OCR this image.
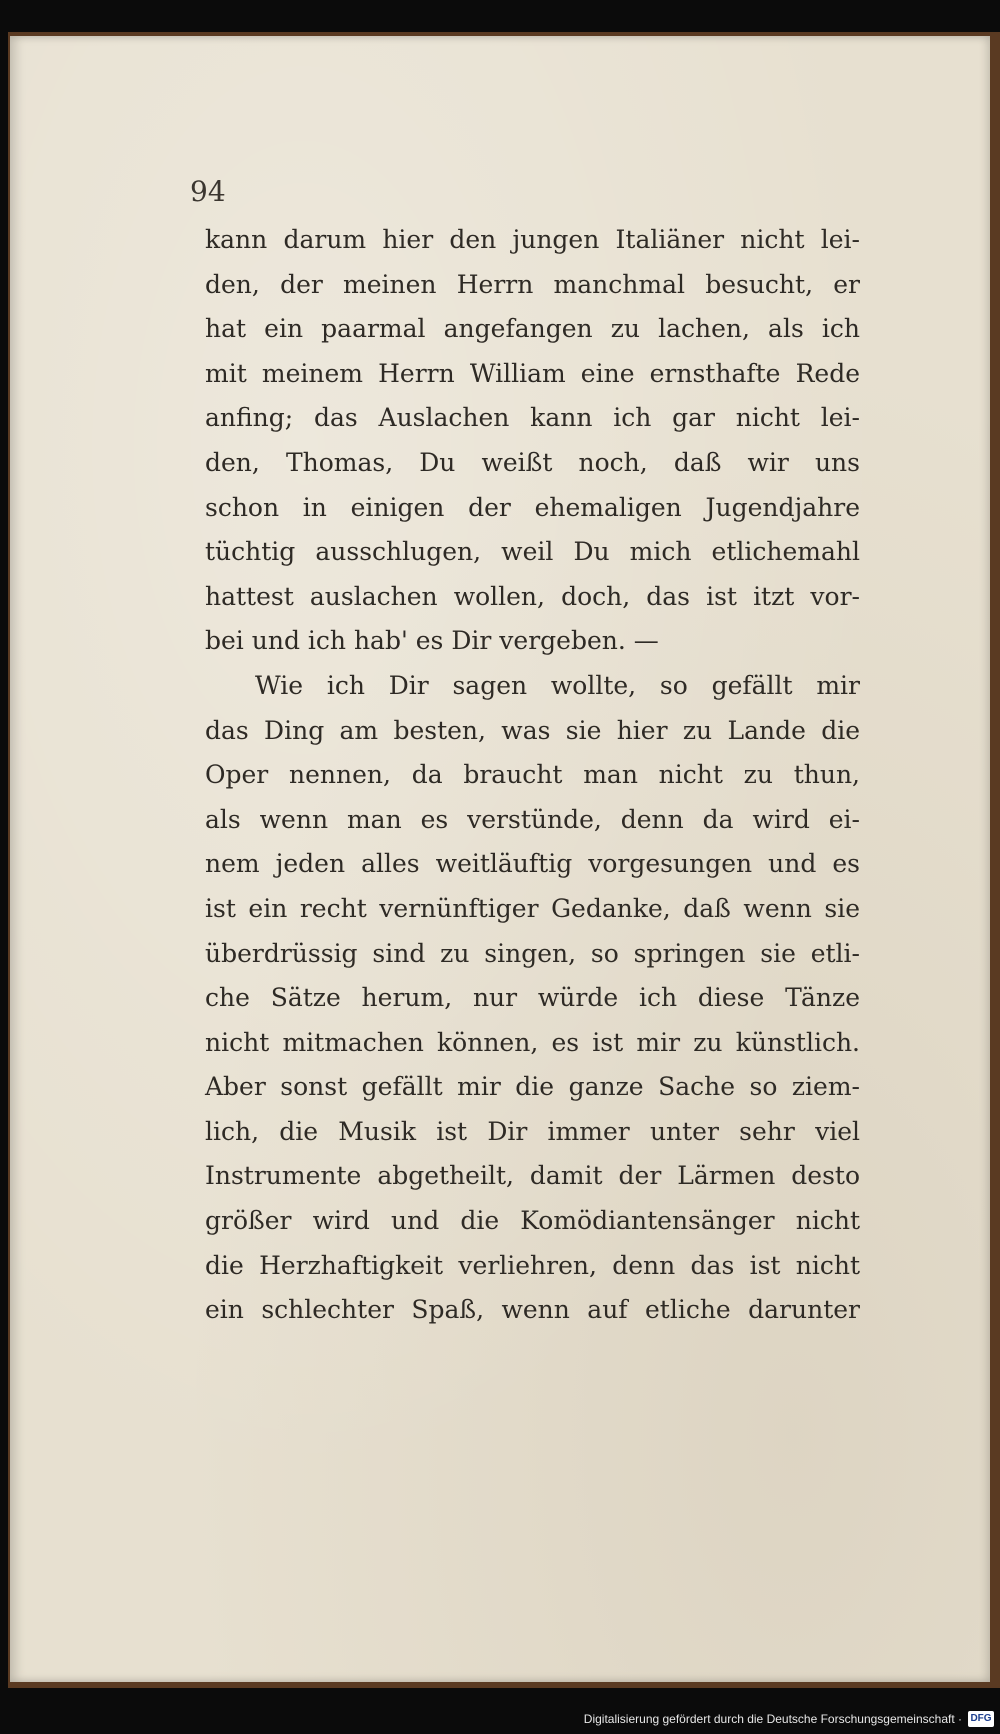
94
kann darum hier den jungen Italiäner nicht lei-
den, der meinen Herrn manchmal besucht, er
hat ein paarmal angefangen zu lachen, als ich
mit meinem Herrn William eine ernsthafte Rede
anfing; das Auslachen kann ich gar nicht lei-
den, Thomas, Du weißt noch, daß wir uns
schon in einigen der ehemaligen Jugendjahre
tüchtig ausschlugen, weil Du mich etlichemahl
hattest auslachen wollen, doch, das ist itzt vor-
bei und ich hab' es Dir vergeben. —
Wie ich Dir sagen wollte, so gefällt mir
das Ding am besten, was sie hier zu Lande die
Oper nennen, da braucht man nicht zu thun,
als wenn man es verstünde, denn da wird ei-
nem jeden alles weitläuftig vorgesungen und es
ist ein recht vernünftiger Gedanke, daß wenn sie
überdrüssig sind zu singen, so springen sie etli-
che Sätze herum, nur würde ich diese Tänze
nicht mitmachen können, es ist mir zu künstlich.
Aber sonst gefällt mir die ganze Sache so ziem-
lich, die Musik ist Dir immer unter sehr viel
Instrumente abgetheilt, damit der Lärmen desto
größer wird und die Komödiantensänger nicht
die Herzhaftigkeit verliehren, denn das ist nicht
ein schlechter Spaß, wenn auf etliche darunter
Digitalisierung gefördert durch die Deutsche Forschungsgemeinschaft · DFG
